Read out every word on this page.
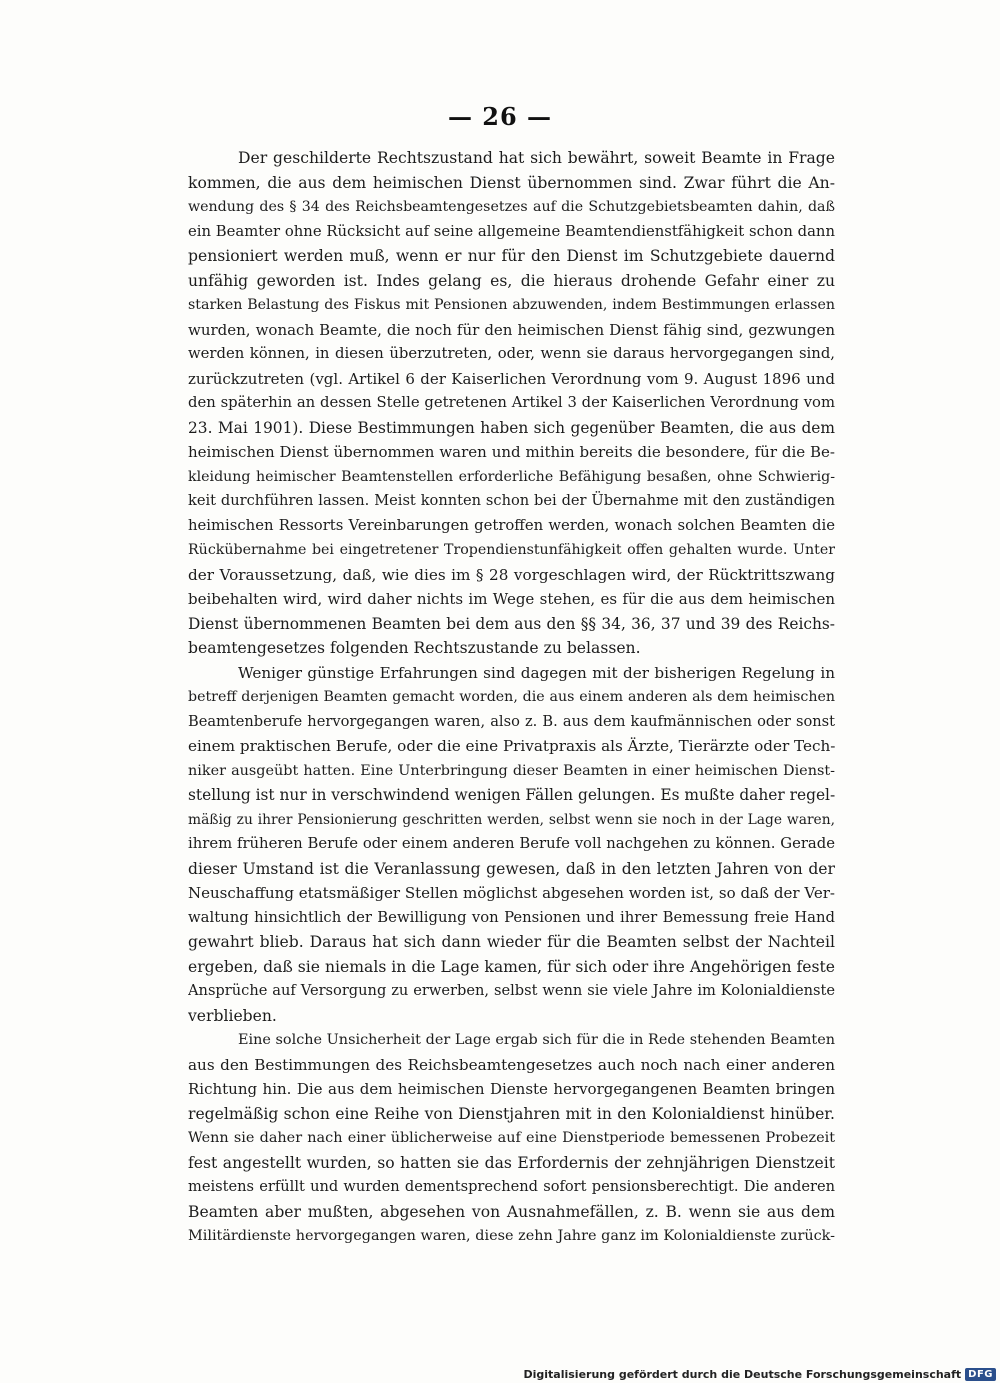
— 26 —
Der geschilderte Rechtszustand hat sich bewährt, soweit Beamte in Frage
kommen, die aus dem heimischen Dienst übernommen sind. Zwar führt die An-
wendung des § 34 des Reichsbeamtengesetzes auf die Schutzgebietsbeamten dahin, daß
ein Beamter ohne Rücksicht auf seine allgemeine Beamtendienstfähigkeit schon dann
pensioniert werden muß, wenn er nur für den Dienst im Schutzgebiete dauernd
unfähig geworden ist. Indes gelang es, die hieraus drohende Gefahr einer zu
starken Belastung des Fiskus mit Pensionen abzuwenden, indem Bestimmungen erlassen
wurden, wonach Beamte, die noch für den heimischen Dienst fähig sind, gezwungen
werden können, in diesen überzutreten, oder, wenn sie daraus hervorgegangen sind,
zurückzutreten (vgl. Artikel 6 der Kaiserlichen Verordnung vom 9. August 1896 und
den späterhin an dessen Stelle getretenen Artikel 3 der Kaiserlichen Verordnung vom
23. Mai 1901). Diese Bestimmungen haben sich gegenüber Beamten, die aus dem
heimischen Dienst übernommen waren und mithin bereits die besondere, für die Be-
kleidung heimischer Beamtenstellen erforderliche Befähigung besaßen, ohne Schwierig-
keit durchführen lassen. Meist konnten schon bei der Übernahme mit den zuständigen
heimischen Ressorts Vereinbarungen getroffen werden, wonach solchen Beamten die
Rückübernahme bei eingetretener Tropendienstunfähigkeit offen gehalten wurde. Unter
der Voraussetzung, daß, wie dies im § 28 vorgeschlagen wird, der Rücktrittszwang
beibehalten wird, wird daher nichts im Wege stehen, es für die aus dem heimischen
Dienst übernommenen Beamten bei dem aus den §§ 34, 36, 37 und 39 des Reichs-
beamtengesetzes folgenden Rechtszustande zu belassen.
Weniger günstige Erfahrungen sind dagegen mit der bisherigen Regelung in
betreff derjenigen Beamten gemacht worden, die aus einem anderen als dem heimischen
Beamtenberufe hervorgegangen waren, also z. B. aus dem kaufmännischen oder sonst
einem praktischen Berufe, oder die eine Privatpraxis als Ärzte, Tierärzte oder Tech-
niker ausgeübt hatten. Eine Unterbringung dieser Beamten in einer heimischen Dienst-
stellung ist nur in verschwindend wenigen Fällen gelungen. Es mußte daher regel-
mäßig zu ihrer Pensionierung geschritten werden, selbst wenn sie noch in der Lage waren,
ihrem früheren Berufe oder einem anderen Berufe voll nachgehen zu können. Gerade
dieser Umstand ist die Veranlassung gewesen, daß in den letzten Jahren von der
Neuschaffung etatsmäßiger Stellen möglichst abgesehen worden ist, so daß der Ver-
waltung hinsichtlich der Bewilligung von Pensionen und ihrer Bemessung freie Hand
gewahrt blieb. Daraus hat sich dann wieder für die Beamten selbst der Nachteil
ergeben, daß sie niemals in die Lage kamen, für sich oder ihre Angehörigen feste
Ansprüche auf Versorgung zu erwerben, selbst wenn sie viele Jahre im Kolonialdienste
verblieben.
Eine solche Unsicherheit der Lage ergab sich für die in Rede stehenden Beamten
aus den Bestimmungen des Reichsbeamtengesetzes auch noch nach einer anderen
Richtung hin. Die aus dem heimischen Dienste hervorgegangenen Beamten bringen
regelmäßig schon eine Reihe von Dienstjahren mit in den Kolonialdienst hinüber.
Wenn sie daher nach einer üblicherweise auf eine Dienstperiode bemessenen Probezeit
fest angestellt wurden, so hatten sie das Erfordernis der zehnjährigen Dienstzeit
meistens erfüllt und wurden dementsprechend sofort pensionsberechtigt. Die anderen
Beamten aber mußten, abgesehen von Ausnahmefällen, z. B. wenn sie aus dem
Militärdienste hervorgegangen waren, diese zehn Jahre ganz im Kolonialdienste zurück-
Digitalisierung gefördert durch die Deutsche Forschungsgemeinschaft DFG
